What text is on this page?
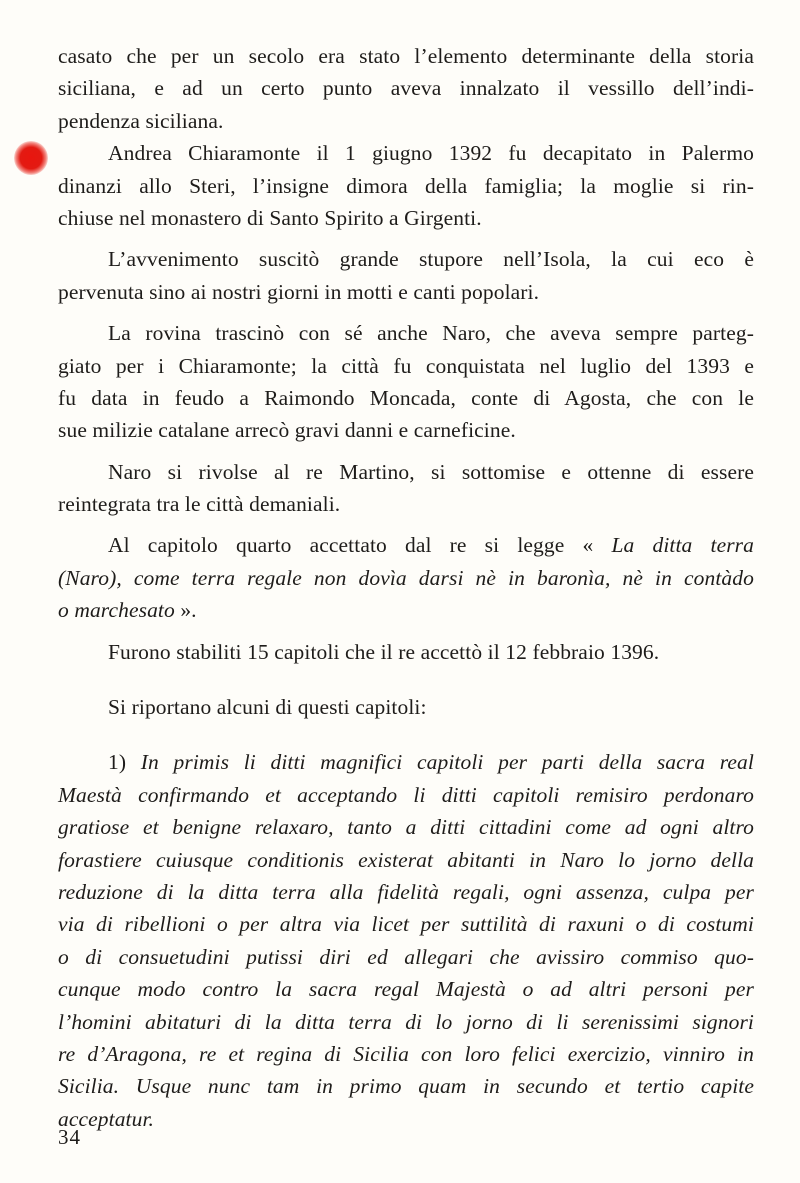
casato che per un secolo era stato l’elemento determinante della storia
siciliana, e ad un certo punto aveva innalzato il vessillo dell’indi-
pendenza siciliana.
Andrea Chiaramonte il 1 giugno 1392 fu decapitato in Palermo
dinanzi allo Steri, l’insigne dimora della famiglia; la moglie si rin-
chiuse nel monastero di Santo Spirito a Girgenti.
L’avvenimento suscitò grande stupore nell’Isola, la cui eco è
pervenuta sino ai nostri giorni in motti e canti popolari.
La rovina trascinò con sé anche Naro, che aveva sempre parteg-
giato per i Chiaramonte; la città fu conquistata nel luglio del 1393 e
fu data in feudo a Raimondo Moncada, conte di Agosta, che con le
sue milizie catalane arrecò gravi danni e carneficine.
Naro si rivolse al re Martino, si sottomise e ottenne di essere
reintegrata tra le città demaniali.
Al capitolo quarto accettato dal re si legge « La ditta terra
(Naro), come terra regale non dovìa darsi nè in baronìa, nè in contàdo
o marchesato ».
Furono stabiliti 15 capitoli che il re accettò il 12 febbraio 1396.
Si riportano alcuni di questi capitoli:
1) In primis li ditti magnifici capitoli per parti della sacra real
Maestà confirmando et acceptando li ditti capitoli remisiro perdonaro
gratiose et benigne relaxaro, tanto a ditti cittadini come ad ogni altro
forastiere cuiusque conditionis existerat abitanti in Naro lo jorno della
reduzione di la ditta terra alla fidelità regali, ogni assenza, culpa per
via di ribellioni o per altra via licet per suttilità di raxuni o di costumi
o di consuetudini putissi diri ed allegari che avissiro commiso quo-
cunque modo contro la sacra regal Majestà o ad altri personi per
l’homini abitaturi di la ditta terra di lo jorno di li serenissimi signori
re d’Aragona, re et regina di Sicilia con loro felici exercizio, vinniro in
Sicilia. Usque nunc tam in primo quam in secundo et tertio capite
acceptatur.
34
